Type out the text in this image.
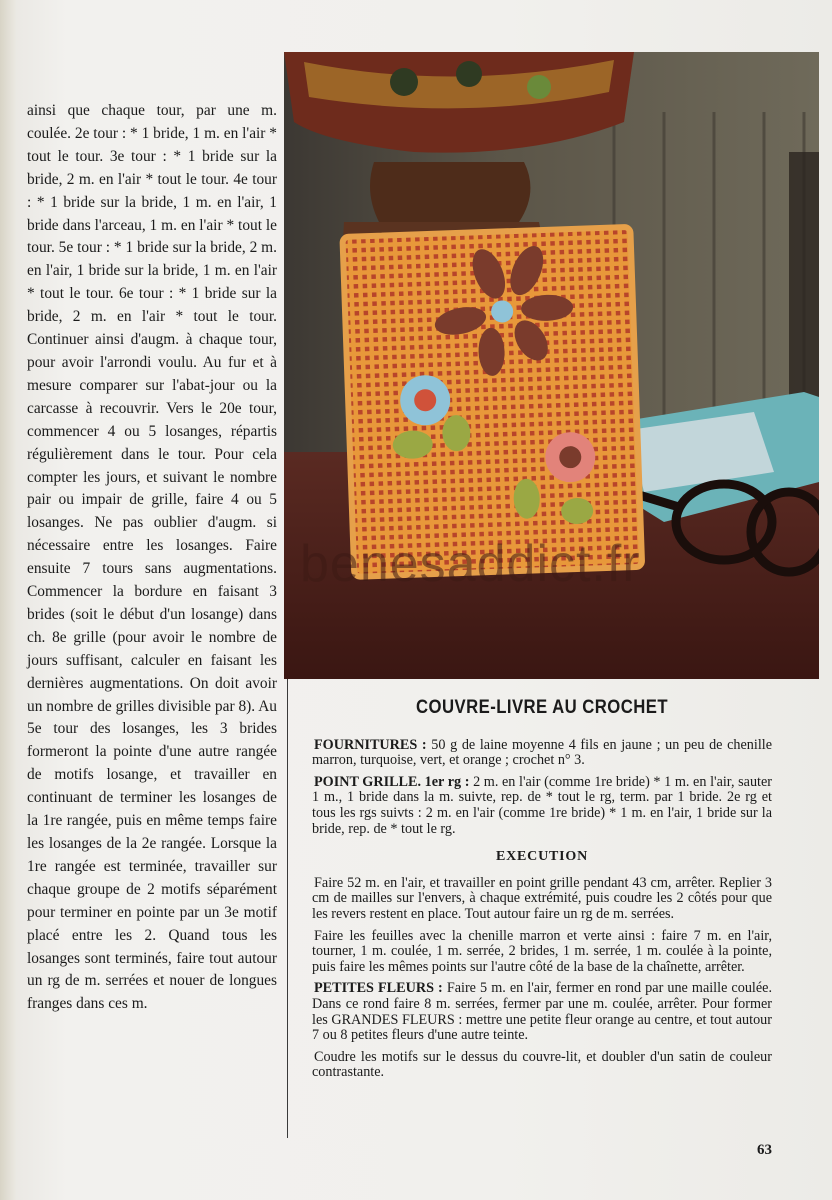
ainsi que chaque tour, par une m. coulée. 2e tour : * 1 bride, 1 m. en l'air * tout le tour. 3e tour : * 1 bride sur la bride, 2 m. en l'air * tout le tour. 4e tour : * 1 bride sur la bride, 1 m. en l'air, 1 bride dans l'arceau, 1 m. en l'air * tout le tour. 5e tour : * 1 bride sur la bride, 2 m. en l'air, 1 bride sur la bride, 1 m. en l'air * tout le tour. 6e tour : * 1 bride sur la bride, 2 m. en l'air * tout le tour. Continuer ainsi d'augm. à chaque tour, pour avoir l'arrondi voulu. Au fur et à mesure comparer sur l'abat-jour ou la carcasse à recouvrir. Vers le 20e tour, commencer 4 ou 5 losanges, répartis régulièrement dans le tour. Pour cela compter les jours, et suivant le nombre pair ou impair de grille, faire 4 ou 5 losanges. Ne pas oublier d'augm. si nécessaire entre les losanges. Faire ensuite 7 tours sans augmentations. Commencer la bordure en faisant 3 brides (soit le début d'un losange) dans ch. 8e grille (pour avoir le nombre de jours suffisant, calculer en faisant les dernières augmentations. On doit avoir un nombre de grilles divisible par 8). Au 5e tour des losanges, les 3 brides formeront la pointe d'une autre rangée de motifs losange, et travailler en continuant de terminer les losanges de la 1re rangée, puis en même temps faire les losanges de la 2e rangée. Lorsque la 1re rangée est terminée, travailler sur chaque groupe de 2 motifs séparément pour terminer en pointe par un 3e motif placé entre les 2. Quand tous les losanges sont terminés, faire tout autour un rg de m. serrées et nouer de longues franges dans ces m.

benesaddict.fr
COUVRE-LIVRE AU CROCHET

FOURNITURES : 50 g de laine moyenne 4 fils en jaune ; un peu de chenille marron, turquoise, vert, et orange ; crochet n° 3.

POINT GRILLE. 1er rg : 2 m. en l'air (comme 1re bride) * 1 m. en l'air, sauter 1 m., 1 bride dans la m. suivte, rep. de * tout le rg, term. par 1 bride. 2e rg et tous les rgs suivts : 2 m. en l'air (comme 1re bride) * 1 m. en l'air, 1 bride sur la bride, rep. de * tout le rg.

EXECUTION

Faire 52 m. en l'air, et travailler en point grille pendant 43 cm, arrêter. Replier 3 cm de mailles sur l'envers, à chaque extrémité, puis coudre les 2 côtés pour que les revers restent en place. Tout autour faire un rg de m. serrées.

Faire les feuilles avec la chenille marron et verte ainsi : faire 7 m. en l'air, tourner, 1 m. coulée, 1 m. serrée, 2 brides, 1 m. serrée, 1 m. coulée à la pointe, puis faire les mêmes points sur l'autre côté de la base de la chaînette, arrêter.

PETITES FLEURS : Faire 5 m. en l'air, fermer en rond par une maille coulée. Dans ce rond faire 8 m. serrées, fermer par une m. coulée, arrêter. Pour former les GRANDES FLEURS : mettre une petite fleur orange au centre, et tout autour 7 ou 8 petites fleurs d'une autre teinte.

Coudre les motifs sur le dessus du couvre-lit, et doubler d'un satin de couleur contrastante.

63
